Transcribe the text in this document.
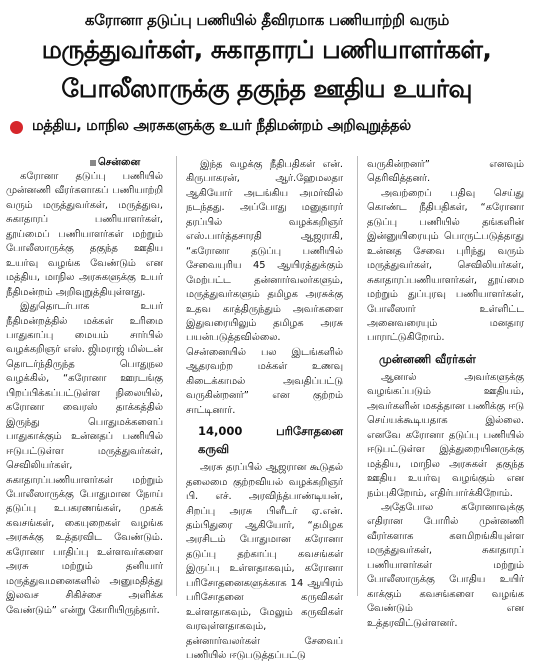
கரோனா தடுப்பு பணியில் தீவிரமாக பணியாற்றி வரும்
மருத்துவர்கள், சுகாதாரப் பணியாளர்கள்,
போலீஸாருக்கு தகுந்த ஊதிய உயர்வு
மத்திய, மாநில அரசுகளுக்கு உயர் நீதிமன்றம் அறிவுறுத்தல்
சென்னை

கரோனா தடுப்பு பணியில் முன்னணி வீரர்களாகப் பணியாற்றி வரும் மருத்துவர்கள், மருத்துவ, சுகாதாரப் பணியாளர்கள், தூய்மைப் பணியாளர்கள் மற்றும் போலீஸாருக்கு தகுந்த ஊதிய உயர்வு வழங்க வேண்டும் என மத்திய, மாநில அரசுகளுக்கு உயர் நீதிமன்றம் அறிவுறுத்தியுள்ளது.

இதுதொடர்பாக உயர் நீதிமன்றத்தில் மக்கள் உரிமை பாதுகாப்பு மையம் சார்பில் வழக்கறிஞர் எஸ். ஜிமராஜ் மில்டன் தொடர்ந்திருந்த பொதுநல வழக்கில், “கரோனா ஊரடங்கு பிறப்பிக்கப்பட்டுள்ள நிலையில், கரோனா வைரஸ் தாக்கத்தில் இருந்து பொதுமக்களைப் பாதுகாக்கும் உன்னதப் பணியில் ஈடுபட்டுள்ள மருத்துவர்கள், செவிலியர்கள், சுகாதாரப்பணியாளர்கள் மற்றும் போலீஸாருக்கு போதுமான நோய் தடுப்பு உபகரணங்கள், முகக் கவசங்கள், கையுறைகள் வழங்க அரசுக்கு உத்தரவிட வேண்டும். கரோனா பாதிப்பு உள்ளவர்களை அரசு மற்றும் தனியார் மருத்துவமனைகளில் அனுமதித்து இலவச சிகிச்சை அளிக்க வேண்டும்” என்று கோரியிருந்தார்.

இந்த வழக்கு நீதிபதிகள் என். கிருபாகரன், ஆர்.ஹேமலதா ஆகியோர் அடங்கிய அமர்வில் நடந்தது. அப்போது மனுதாரர் தரப்பில் வழக்கறிஞர் எஸ்.பார்த்தசாரதி ஆஜராகி, “கரோனா தடுப்பு பணியில் சேவையுரிய 45 ஆயிரத்துக்கும் மேற்பட்ட தன்னார்வலர்களும், மருத்துவர்களும் தமிழக அரசுக்கு உதவ காத்திருந்தும் அவர்களை இதுவரையிலும் தமிழக அரசு பயன்படுத்தவில்லை. சென்னையில் பல இடங்களில் ஆதரவற்ற மக்கள் உணவு கிடைக்காமல் அவதிப்பட்டு வருகின்றனர்” என குற்றம் சாட்டினார்.

14,000 பரிசோதனை கருவி

அரசு தரப்பில் ஆஜரான கூடுதல் தலைமை குற்றவியல் வழக்கறிஞர் பி. எச். அரவிந்த்பாண்டியன், சிறப்பு அரசு பிளீடர் ஏ.என். தம்பிதுரை ஆகியோர், “தமிழக அரசிடம் போதுமான கரோனா தடுப்பு தற்காப்பு கவசங்கள் இருப்பு உள்ளதாகவும், கரோனா பரிசோதனைகளுக்காக 14 ஆயிரம் பரிசோதனை கருவிகள் உள்ளதாகவும், மேலும் கருவிகள் வரவுள்ளதாகவும், தன்னார்வலர்கள் சேவைப் பணியில் ஈடுபடுத்தப்பட்டு

வருகின்றனர்” எனவும் தெரிவித்தனர்.

அவற்றைப் பதிவு செய்து கொண்ட நீதிபதிகள், “கரோனா தடுப்பு பணியில் தங்களின் இன்னுயிரையும் பொருட்படுத்தாது உன்னத சேவை புரிந்து வரும் மருத்துவர்கள், செவிலியர்கள், சுகாதாரப்பணியாளர்கள், தூய்மை மற்றும் துப்புரவு பணியாளர்கள், போலீஸார் உள்ளிட்ட அனைவரையும் மனதார பாராட்டுகிறோம்.

முன்னணி வீரர்கள்

ஆனால் அவர்களுக்கு வழங்கப்படும் ஊதியம், அவர்களின் மகத்தான பணிக்கு ஈடு செய்யக்கூடியதாக இல்லை. எனவே கரோனா தடுப்பு பணியில் ஈடுபட்டுள்ள இத்துறையினருக்கு மத்திய, மாநில அரசுகள் தகுந்த ஊதிய உயர்வு வழங்கும் என நம்புகிறோம், எதிர்பார்க்கிறோம்.

அதேபோல கரோனாவுக்கு எதிரான போரில் முன்னணி வீரர்களாக களமிறங்கியுள்ள மருத்துவர்கள், சுகாதாரப் பணியாளர்கள் மற்றும் போலீஸாருக்கு போதிய உயிர் காக்கும் கவசங்களை வழங்க வேண்டும் என உத்தரவிட்டுள்ளனர்.
